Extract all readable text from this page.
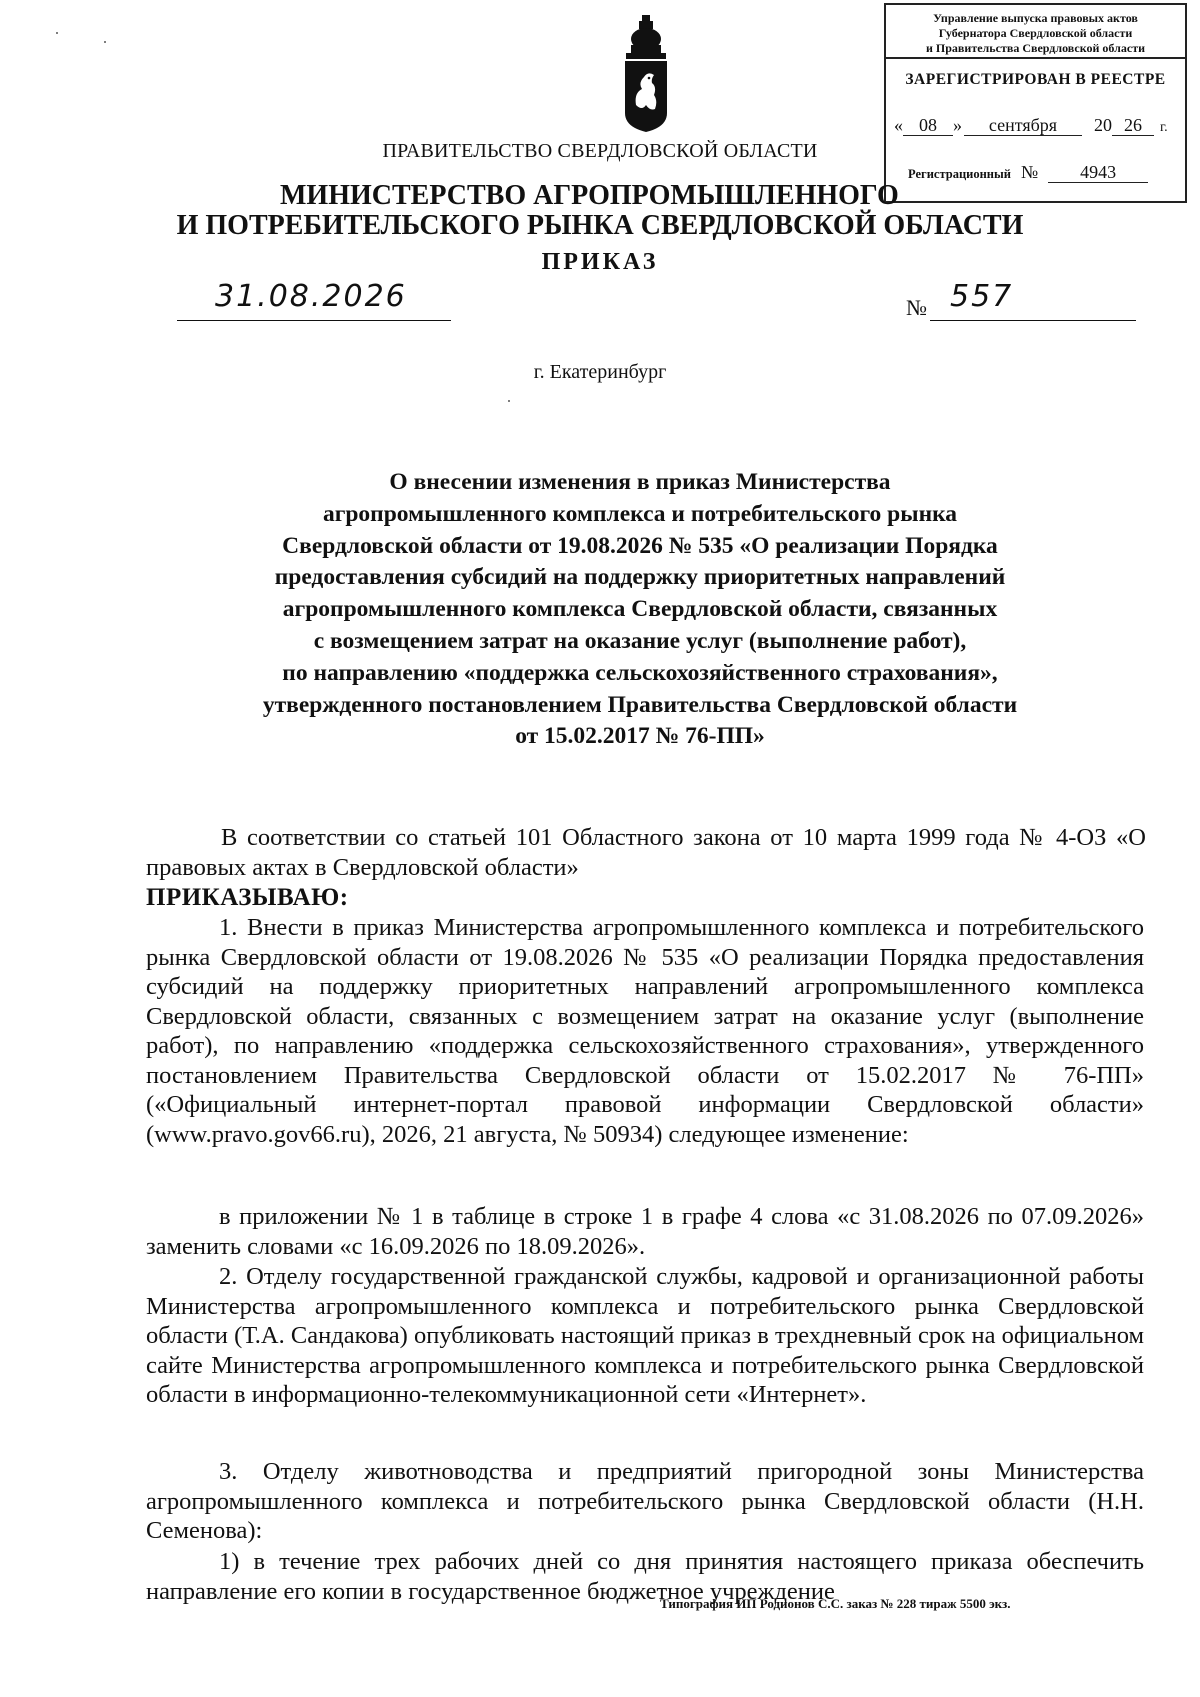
Управление выпуска правовых актов
Губернатора Свердловской области
и Правительства Свердловской области
ЗАРЕГИСТРИРОВАН В РЕЕСТРЕ
« 08 » сентября 20 26 г.
Регистрационный № 4943
ПРАВИТЕЛЬСТВО СВЕРДЛОВСКОЙ ОБЛАСТИ
МИНИСТЕРСТВО АГРОПРОМЫШЛЕННОГО
И ПОТРЕБИТЕЛЬСКОГО РЫНКА СВЕРДЛОВСКОЙ ОБЛАСТИ
ПРИКАЗ
31.08.2026	№ 557
г. Екатеринбург
О внесении изменения в приказ Министерства
агропромышленного комплекса и потребительского рынка
Свердловской области от 19.08.2026 № 535 «О реализации Порядка
предоставления субсидий на поддержку приоритетных направлений
агропромышленного комплекса Свердловской области, связанных
с возмещением затрат на оказание услуг (выполнение работ),
по направлению «поддержка сельскохозяйственного страхования»,
утвержденного постановлением Правительства Свердловской области
от 15.02.2017 № 76-ПП»
В соответствии со статьей 101 Областного закона от 10 марта 1999 года № 4-ОЗ «О правовых актах в Свердловской области»
ПРИКАЗЫВАЮ:
1. Внести в приказ Министерства агропромышленного комплекса и потребительского рынка Свердловской области от 19.08.2026 № 535 «О реализации Порядка предоставления субсидий на поддержку приоритетных направлений агропромышленного комплекса Свердловской области, связанных с возмещением затрат на оказание услуг (выполнение работ), по направлению «поддержка сельскохозяйственного страхования», утвержденного постановлением Правительства Свердловской области от 15.02.2017 № 76-ПП» («Официальный интернет-портал правовой информации Свердловской области» (www.pravo.gov66.ru), 2026, 21 августа, № 50934) следующее изменение:
в приложении № 1 в таблице в строке 1 в графе 4 слова «с 31.08.2026 по 07.09.2026» заменить словами «с 16.09.2026 по 18.09.2026».
2. Отделу государственной гражданской службы, кадровой и организационной работы Министерства агропромышленного комплекса и потребительского рынка Свердловской области (Т.А. Сандакова) опубликовать настоящий приказ в трехдневный срок на официальном сайте Министерства агропромышленного комплекса и потребительского рынка Свердловской области в информационно-телекоммуникационной сети «Интернет».
3. Отделу животноводства и предприятий пригородной зоны Министерства агропромышленного комплекса и потребительского рынка Свердловской области (Н.Н. Семенова):
1) в течение трех рабочих дней со дня принятия настоящего приказа обеспечить направление его копии в государственное бюджетное учреждение
Типография ИП Родионов С.С. заказ № 228 тираж 5500 экз.
